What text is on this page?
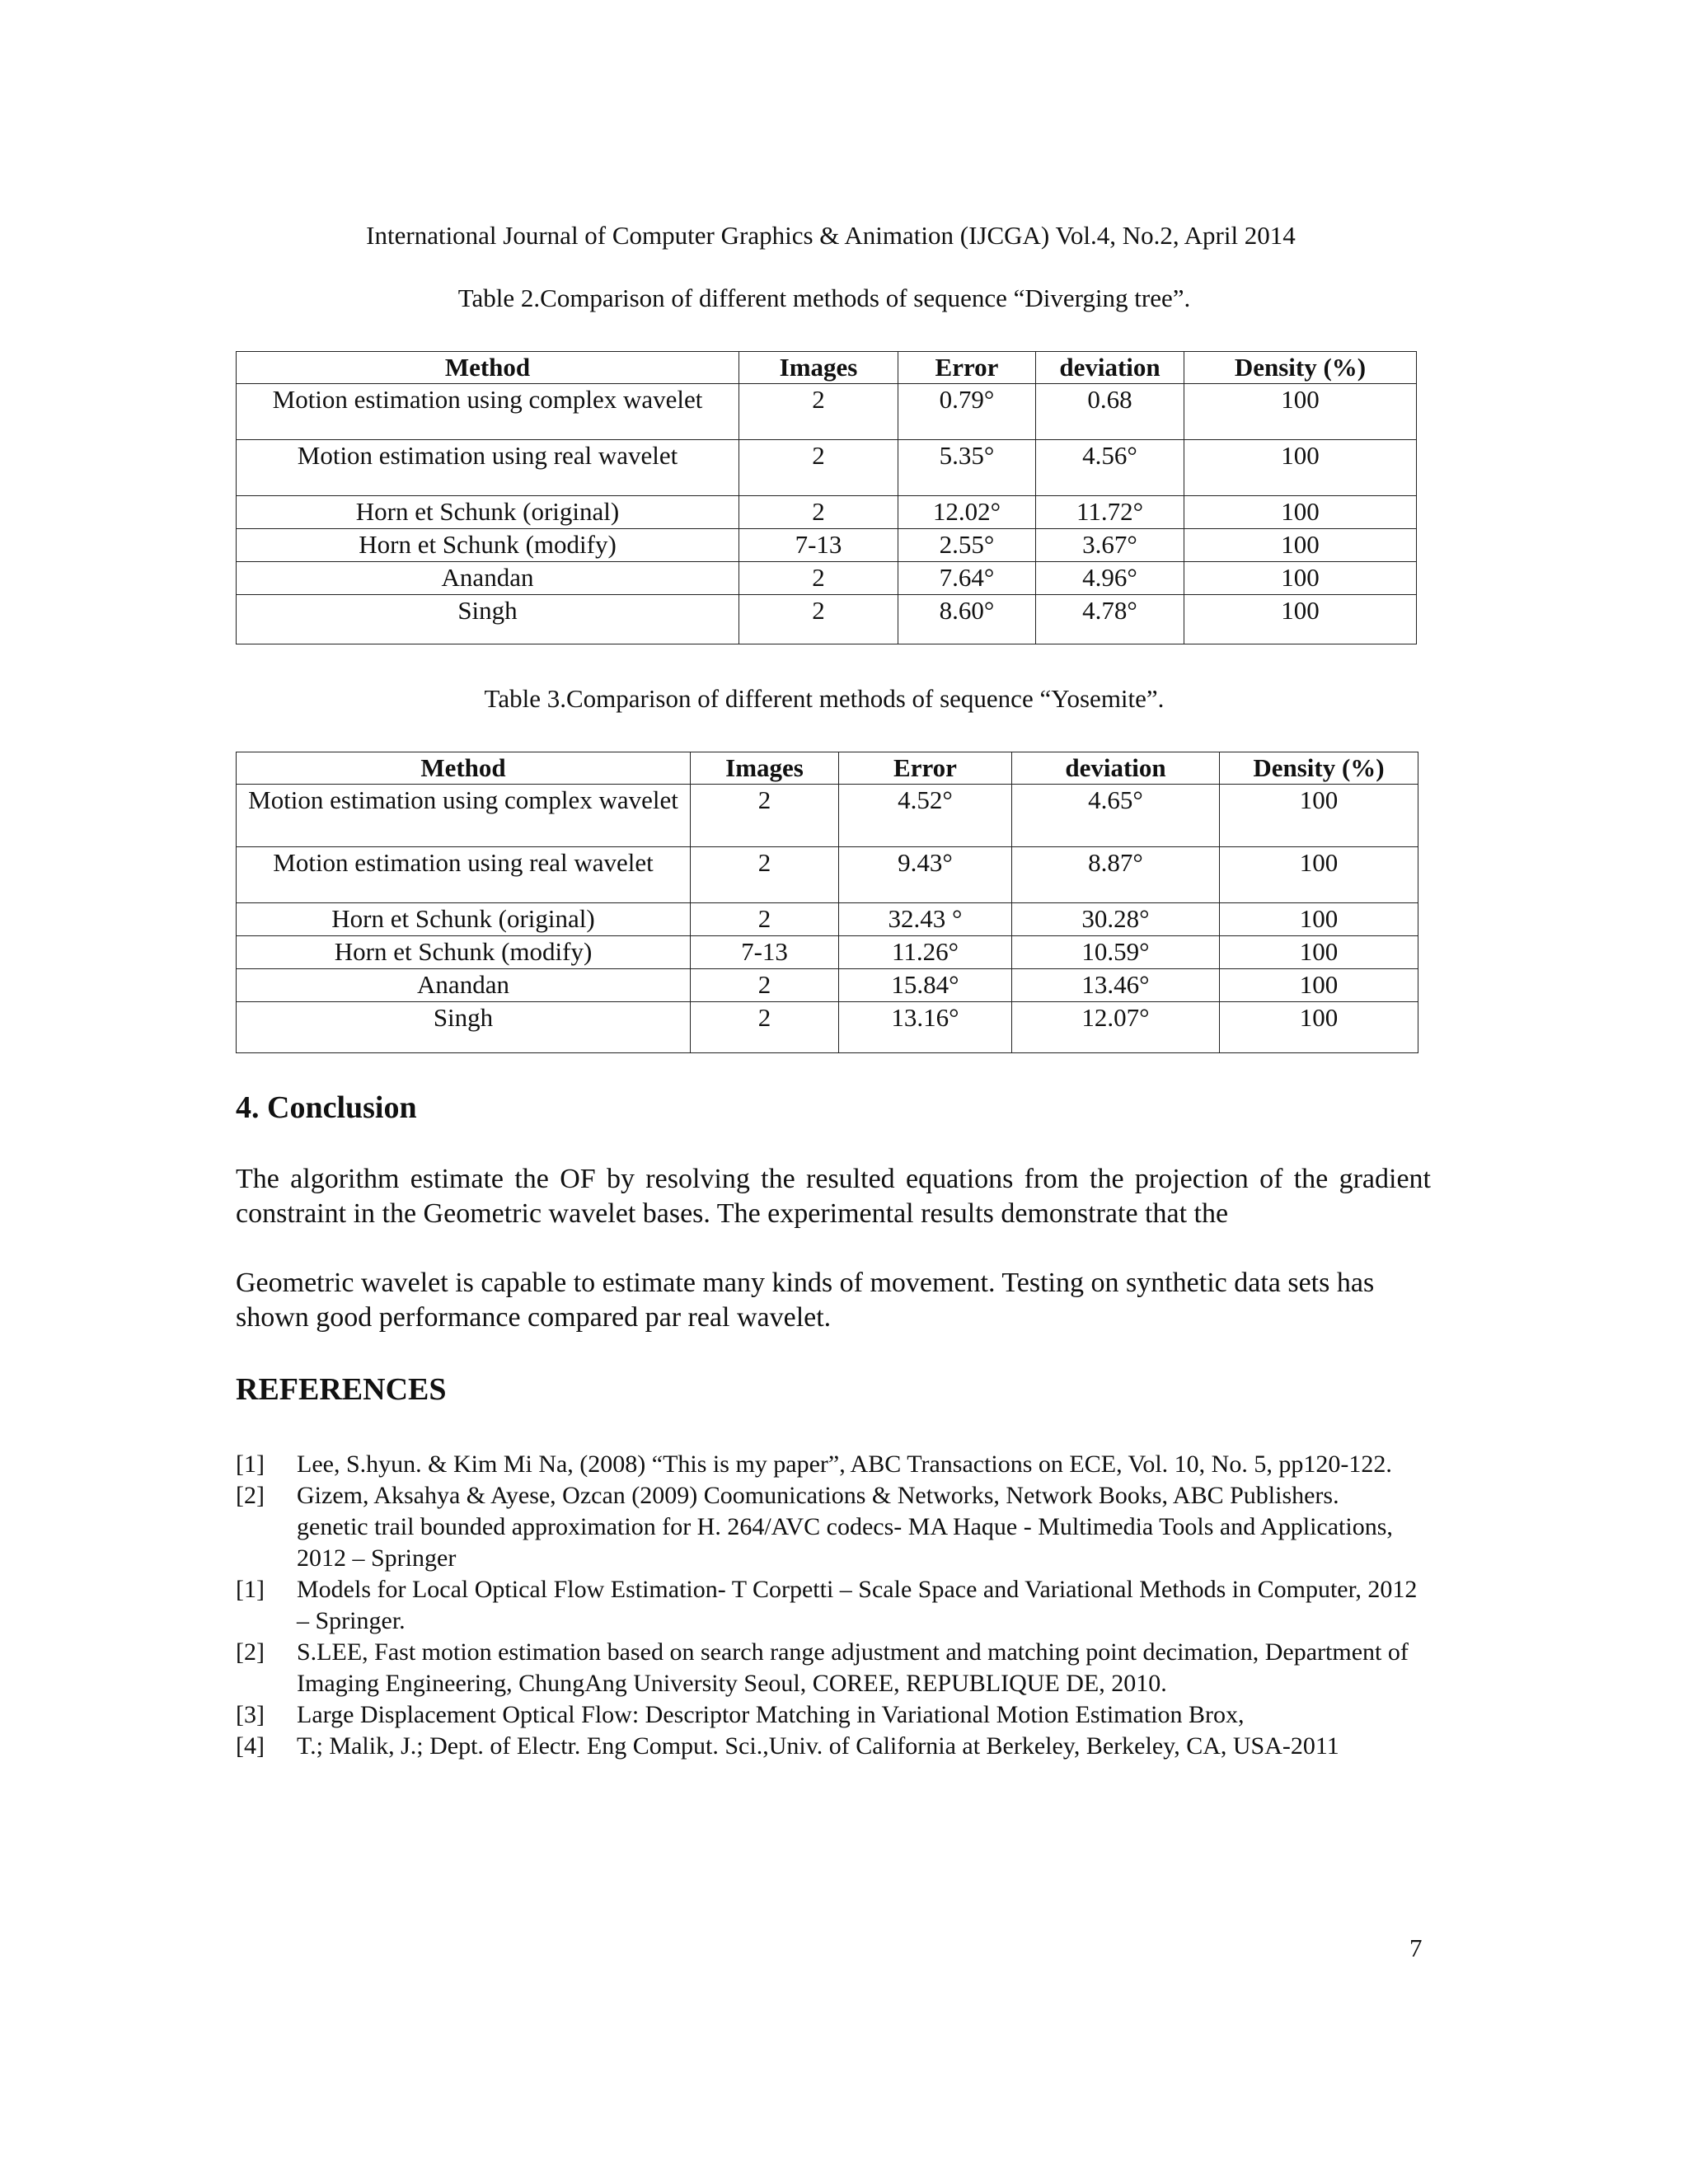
International Journal of Computer Graphics & Animation (IJCGA) Vol.4, No.2, April 2014
Table 2.Comparison of different methods of sequence “Diverging tree”.
Method	Images	Error	deviation	Density (%)
Motion estimation using complex wavelet	2	0.79°	0.68	100
Motion estimation using real wavelet	2	5.35°	4.56°	100
Horn et Schunk (original)	2	12.02°	11.72°	100
Horn et Schunk (modify)	7-13	2.55°	3.67°	100
Anandan	2	7.64°	4.96°	100
Singh	2	8.60°	4.78°	100
Table 3.Comparison of different methods of sequence “Yosemite”.
Method	Images	Error	deviation	Density (%)
Motion estimation using complex wavelet	2	4.52°	4.65°	100
Motion estimation using real wavelet	2	9.43°	8.87°	100
Horn et Schunk (original)	2	32.43 °	30.28°	100
Horn et Schunk (modify)	7-13	11.26°	10.59°	100
Anandan	2	15.84°	13.46°	100
Singh	2	13.16°	12.07°	100
4. Conclusion
The algorithm estimate the OF by resolving the resulted equations from the projection of the gradient constraint in the Geometric wavelet bases. The experimental results demonstrate that the
Geometric wavelet is capable to estimate many kinds of movement. Testing on synthetic data sets has shown good performance compared par real wavelet.
REFERENCES
[1]	Lee, S.hyun. & Kim Mi Na, (2008) “This is my paper”, ABC Transactions on ECE, Vol. 10, No. 5, pp120-122.
[2]	Gizem, Aksahya & Ayese, Ozcan (2009) Coomunications & Networks, Network Books, ABC Publishers.
genetic trail bounded approximation for H. 264/AVC codecs- MA Haque - Multimedia Tools and Applications, 2012 – Springer
[1]	Models for Local Optical Flow Estimation- T Corpetti – Scale Space and Variational Methods in Computer, 2012 – Springer.
[2]	S.LEE, Fast motion estimation based on search range adjustment and matching point decimation, Department of Imaging Engineering, ChungAng University Seoul, COREE, REPUBLIQUE DE, 2010.
[3]	Large Displacement Optical Flow: Descriptor Matching in Variational Motion Estimation Brox,
[4]	T.; Malik, J.; Dept. of Electr. Eng Comput. Sci.,Univ. of California at Berkeley, Berkeley, CA, USA-2011
7
